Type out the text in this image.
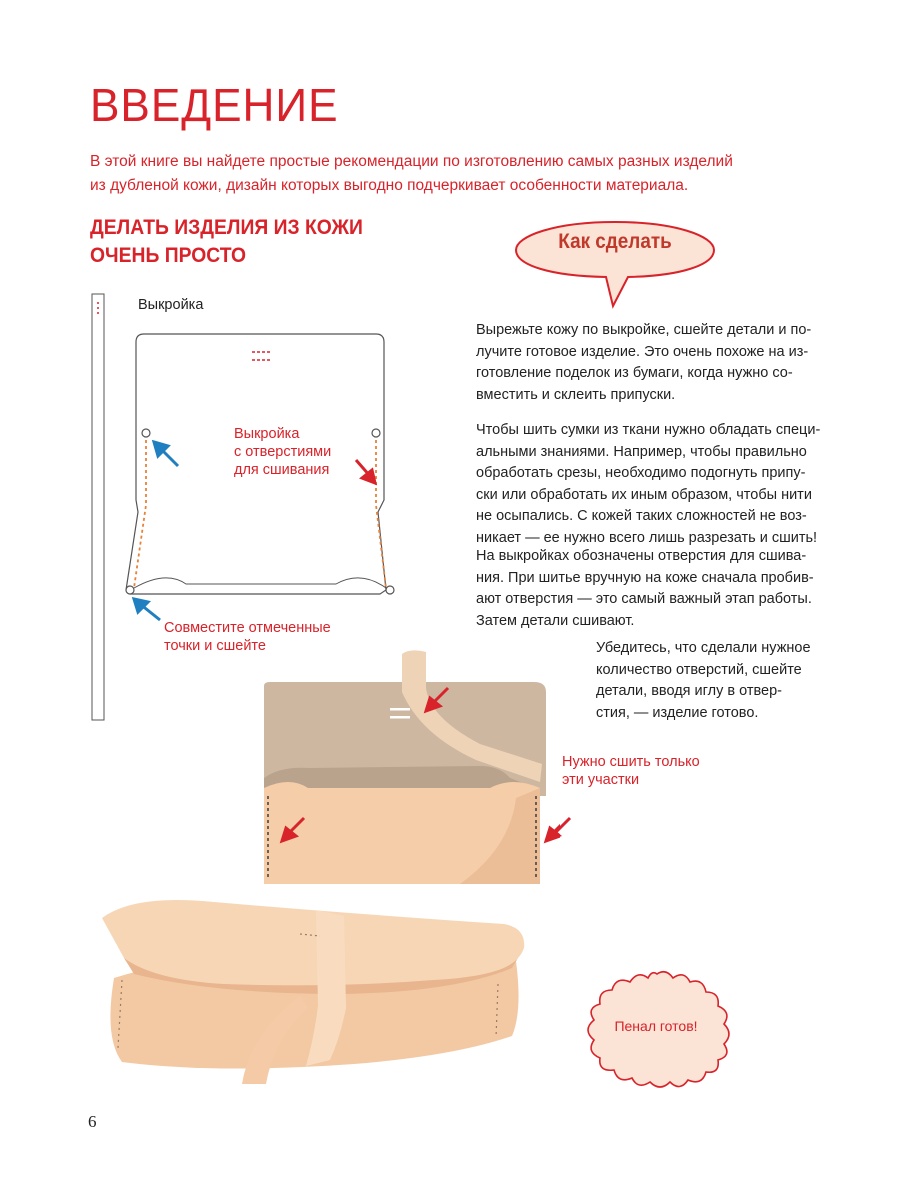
ВВЕДЕНИЕ

В этой книге вы найдете простые рекомендации по изготовлению самых разных изделий
из дубленой кожи, дизайн которых выгодно подчеркивает особенности материала.

ДЕЛАТЬ ИЗДЕЛИЯ ИЗ КОЖИ
ОЧЕНЬ ПРОСТО
Как сделать
Выкройка
Выкройка
с отверстиями
для сшивания
Совместите отмеченные
точки и сшейте

Вырежьте кожу по выкройке, сшейте детали и по-
лучите готовое изделие. Это очень похоже на из-
готовление поделок из бумаги, когда нужно со-
вместить и склеить припуски.

Чтобы шить сумки из ткани нужно обладать специ-
альными знаниями. Например, чтобы правильно
обработать срезы, необходимо подогнуть припу-
ски или обработать их иным образом, чтобы нити
не осыпались. С кожей таких сложностей не воз-
никает — ее нужно всего лишь разрезать и сшить!

На выкройках обозначены отверстия для сшива-
ния. При шитье вручную на коже сначала пробив-
ают отверстия — это самый важный этап работы.
Затем детали сшивают.

Убедитесь, что сделали нужное
количество отверстий, сшейте
детали, вводя иглу в отвер-
стия, — изделие готово.

Нужно сшить только
эти участки
Пенал готов!
6
